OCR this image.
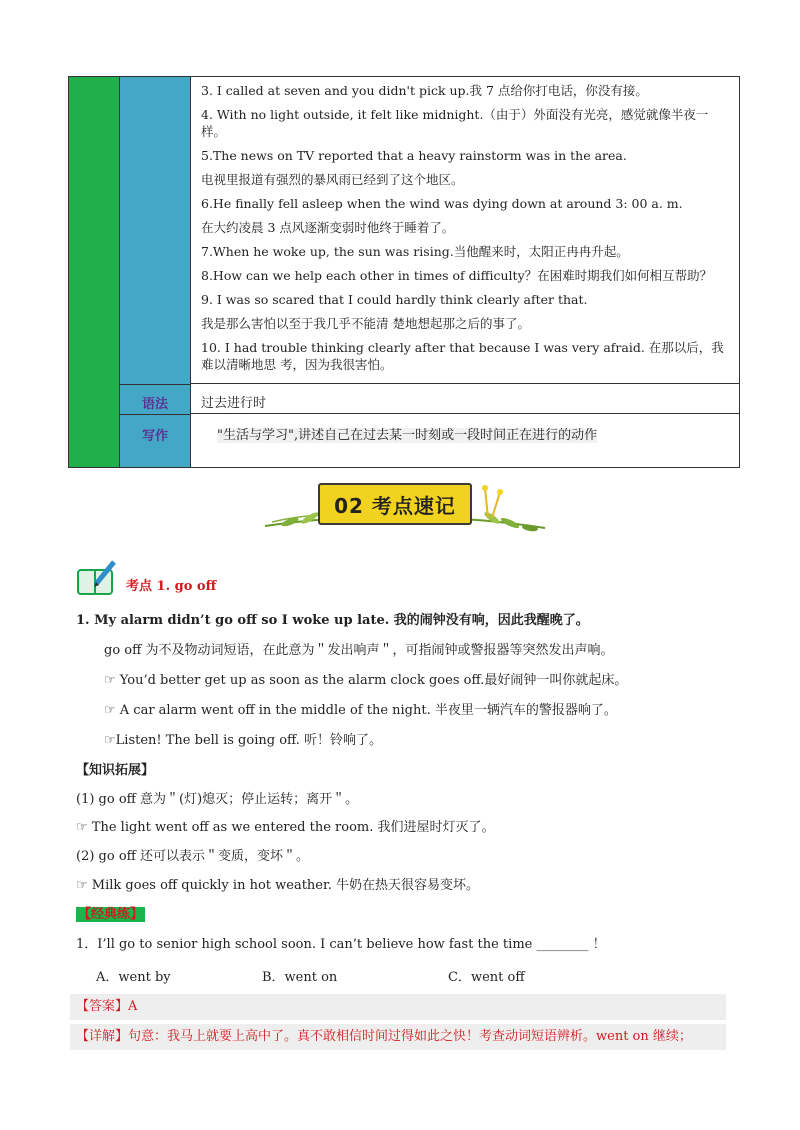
语法
写作
3. I called at seven and you didn't pick up.我 7 点给你打电话，你没有接。
4. With no light outside, it felt like midnight.（由于）外面没有光亮，感觉就像半夜一样。
5.The news on TV reported that a heavy rainstorm was in the area.
电视里报道有强烈的暴风雨已经到了这个地区。
6.He finally fell asleep when the wind was dying down at around 3: 00 a. m.
在大约凌晨 3 点风逐渐变弱时他终于睡着了。
7.When he woke up, the sun was rising.当他醒来时，太阳正冉冉升起。
8.How can we help each other in times of difficulty？在困难时期我们如何相互帮助？
9. I was so scared that I could hardly think clearly after that.
我是那么害怕以至于我几乎不能清 楚地想起那之后的事了。
10. I had trouble thinking clearly after that because I was very afraid. 在那以后，我难以清晰地思 考，因为我很害怕。
过去进行时
"生活与学习",讲述自己在过去某一时刻或一段时间正在进行的动作
02 考点速记
考点 1. go off
1. My alarm didn’t go off so I woke up late. 我的闹钟没有响，因此我醒晚了。
go off 为不及物动词短语，在此意为＂发出响声＂，可指闹钟或警报器等突然发出声响。
☞ You’d better get up as soon as the alarm clock goes off.最好闹钟一叫你就起床。
☞ A car alarm went off in the middle of the night. 半夜里一辆汽车的警报器响了。
☞Listen! The bell is going off. 听！铃响了。
【知识拓展】
(1) go off 意为＂(灯)熄灭；停止运转；离开＂。
☞ The light went off as we entered the room. 我们进屋时灯灭了。
(2) go off 还可以表示＂变质，变坏＂。
☞ Milk goes off quickly in hot weather. 牛奶在热天很容易变坏。
【经典练】
1．I’ll go to senior high school soon. I can’t believe how fast the time ________ ！
A．went by	B．went on	C．went off
【答案】A
【详解】句意：我马上就要上高中了。真不敢相信时间过得如此之快！考查动词短语辨析。went on 继续；
